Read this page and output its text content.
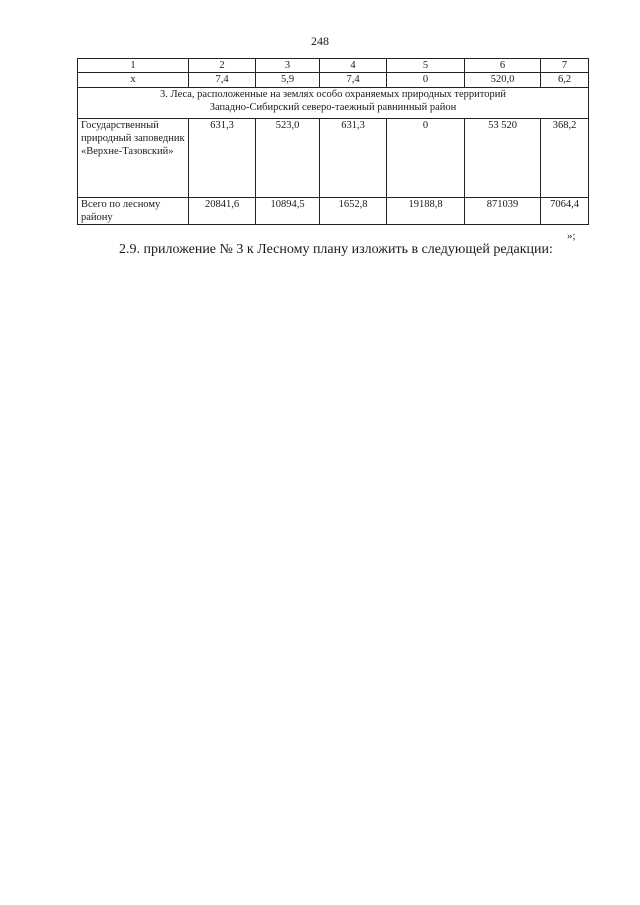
248
1	2	3	4	5	6	7
x	7,4	5,9	7,4	0	520,0	6,2

3. Леса, расположенные на землях особо охраняемых природных территорий
Западно-Сибирский северо-таежный равнинный район						

Государственный природный заповедник «Верхне-Тазовский»	631,3	523,0	631,3	0	53 520	368,2
Всего по лесному району	20841,6	10894,5	1652,8	19188,8	871039	7064,4
»;
2.9. приложение № 3 к Лесному плану изложить в следующей редакции:
